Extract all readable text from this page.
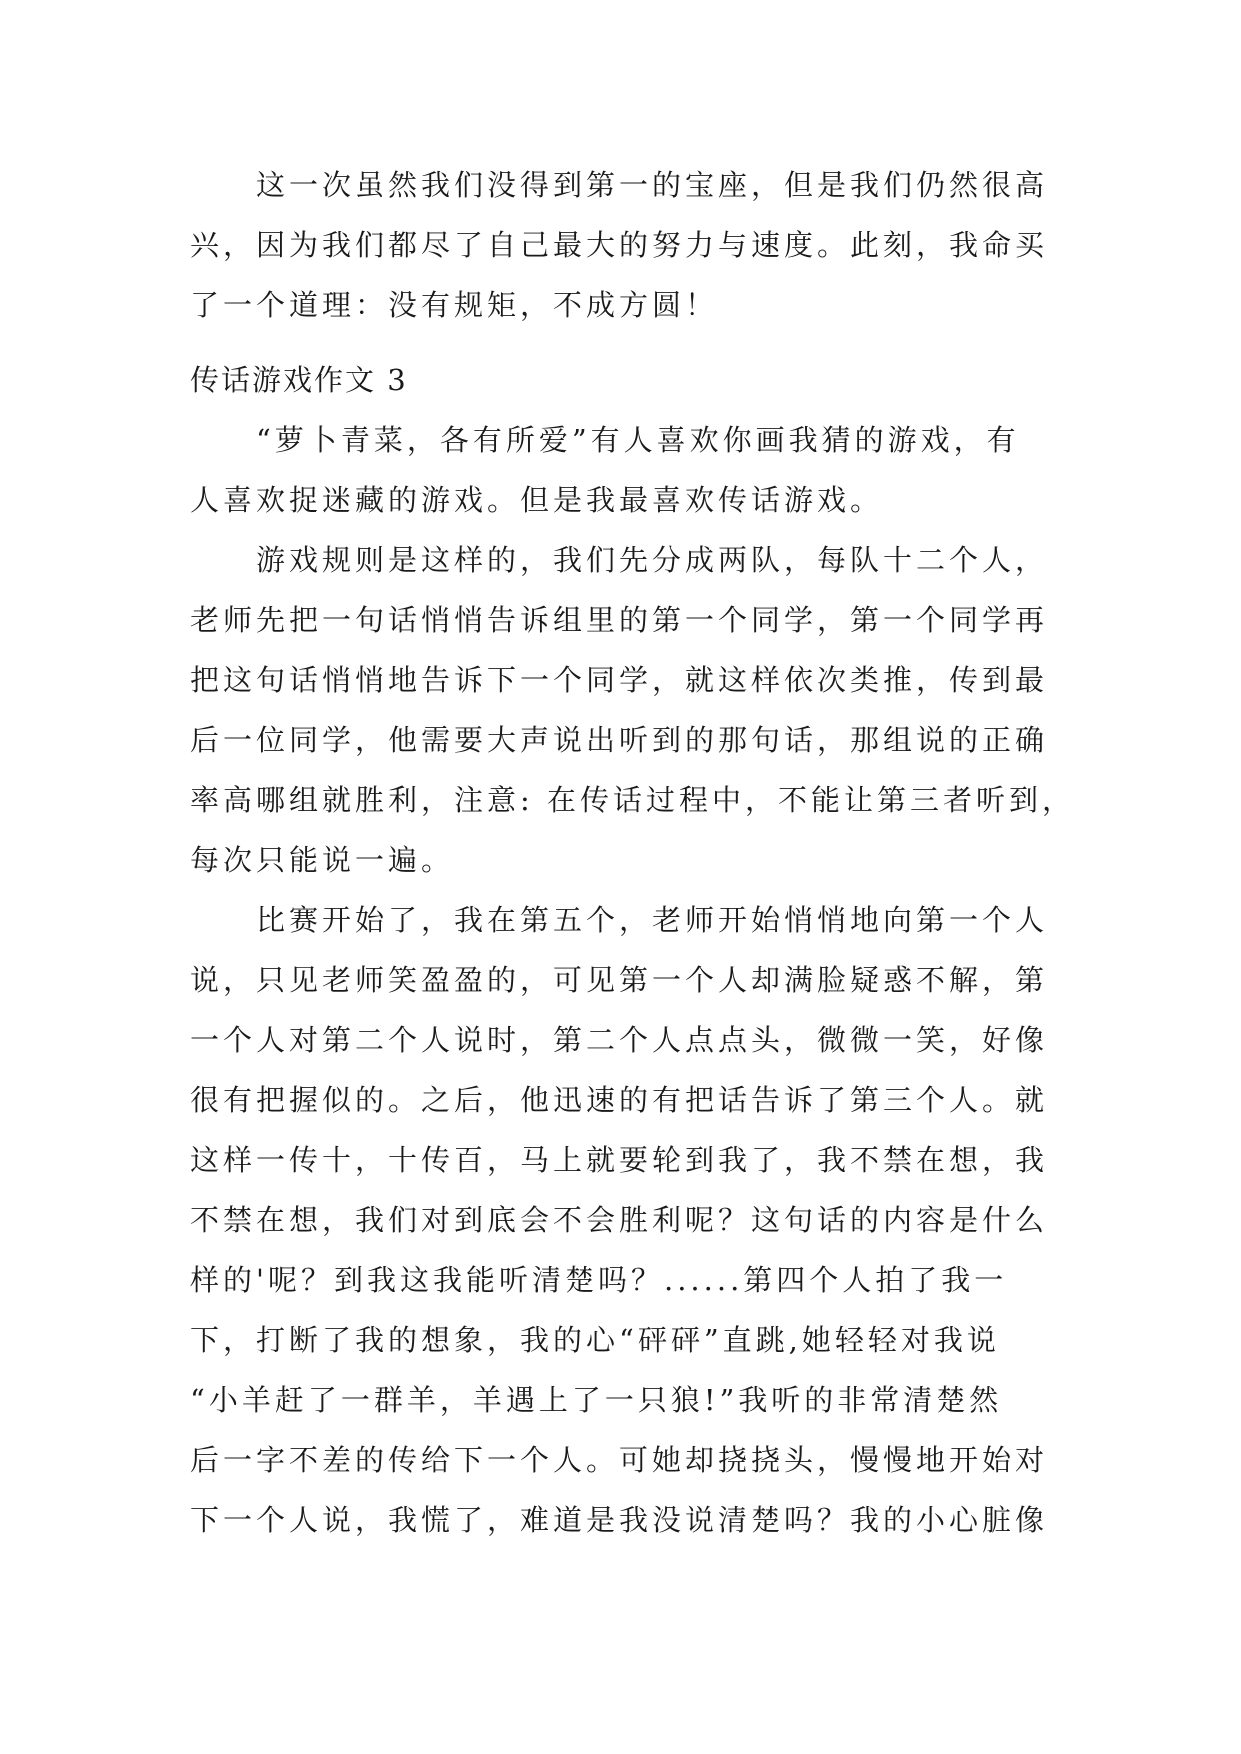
这一次虽然我们没得到第一的宝座，但是我们仍然很高
兴，因为我们都尽了自己最大的努力与速度。此刻，我命买
了一个道理：没有规矩，不成方圆！
传话游戏作文 3
“萝卜青菜，各有所爱”有人喜欢你画我猜的游戏，有
人喜欢捉迷藏的游戏。但是我最喜欢传话游戏。
游戏规则是这样的，我们先分成两队，每队十二个人，
老师先把一句话悄悄告诉组里的第一个同学，第一个同学再
把这句话悄悄地告诉下一个同学，就这样依次类推，传到最
后一位同学，他需要大声说出听到的那句话，那组说的正确
率高哪组就胜利，注意: 在传话过程中，不能让第三者听到，
每次只能说一遍。
比赛开始了，我在第五个，老师开始悄悄地向第一个人
说，只见老师笑盈盈的，可见第一个人却满脸疑惑不解，第
一个人对第二个人说时，第二个人点点头，微微一笑，好像
很有把握似的。之后，他迅速的有把话告诉了第三个人。就
这样一传十，十传百，马上就要轮到我了，我不禁在想，我
不禁在想，我们对到底会不会胜利呢？这句话的内容是什么
样的'呢？到我这我能听清楚吗？......第四个人拍了我一
下，打断了我的想象，我的心“砰砰”直跳,她轻轻对我说
“小羊赶了一群羊，羊遇上了一只狼!”我听的非常清楚然
后一字不差的传给下一个人。可她却挠挠头，慢慢地开始对
下一个人说，我慌了，难道是我没说清楚吗？我的小心脏像
